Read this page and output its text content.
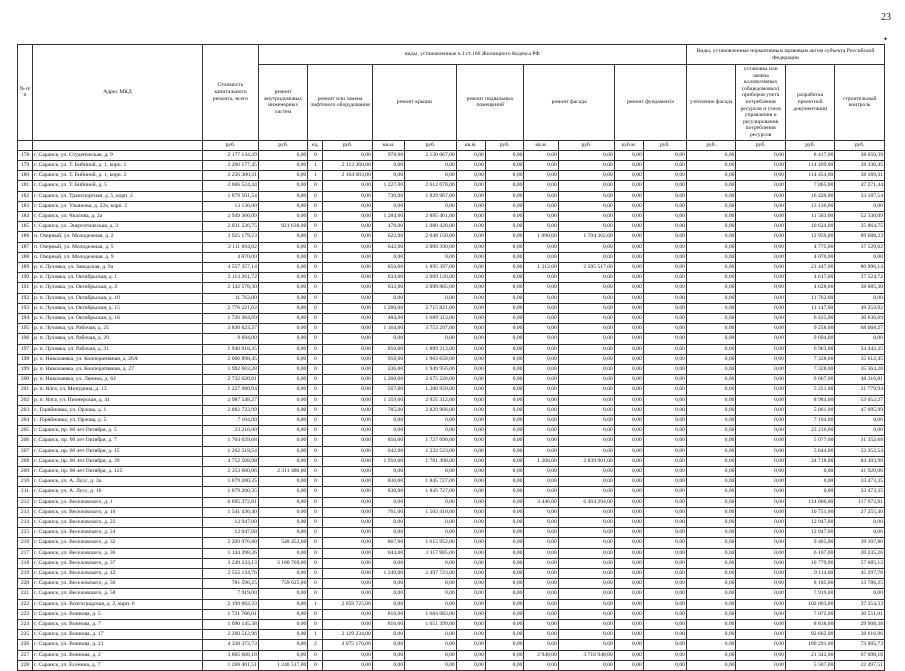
23
•
№ п/п	Адрес МКД	Стоимость капитального ремонта, всего	виды, установленные ч.1 ст.166 Жилищного Кодекса РФ											Виды, установленные нормативным правовым актом субъекта Российской Федерации			
			ремонт внутридомовых инженерных систем	ремонт или замена лифтового оборудования		ремонт крыши		ремонт подвальных помещений		ремонт фасада		ремонт фундамента		утепление фасада	установка или замена коллективных (общедомовых) приборов учета потребления ресурсов и узлов управления и регулирования потребления ресурсов	разработка проектной документации	строительный контроль
		руб.	руб.	ед.	руб.	кв.м.	руб.	кв.м.	руб.	кв.м.	руб.	куб.м.	руб.	руб.	руб.	руб.	руб.
178	г. Саранск, ул. Студенческая, д. 9	2 177 134,39	0,00	0	0,00	978,00	2 130 067,00	0,00	0,00	0,00	0,00	0,00	0,00	0,00	0,00	8 417,00	38 650,39
179	г. Саранск, ул. Т. Бибиной, д. 1, корп. 1	2 266 177,45	0,00	1	2 113 368,00	0,00	0,00	0,00	0,00	0,00	0,00	0,00	0,00	0,00	0,00	114 499,00	38 330,45
180	г. Саранск, ул. Т. Бибиной, д. 1, корп. 2	2 256 300,31	0,00	1	2 104 603,00	0,00	0,00	0,00	0,00	0,00	0,00	0,00	0,00	0,00	0,00	114 454,00	38 169,31
181	г. Саранск, ул. Т. Бибиной, д. 5	2 666 524,44	0,00	0	0,00	1 227,00	2 612 078,00	0,00	0,00	0,00	0,00	0,00	0,00	0,00	0,00	7 065,00	47 271,44
182	г. Саранск, ул. Транспортная, д. 5, корп. 2	1 879 501,54	0,00	0	0,00	730,00	1 829 967,00	0,00	0,00	0,00	0,00	0,00	0,00	0,00	0,00	16 420,00	33 187,54
183	г. Саранск, ул. Ульянова, д. 22а, корп. 2	13 136,00	0,00	0	0,00	0,00	0,00	0,00	0,00	0,00	0,00	0,00	0,00	0,00	0,00	13 136,00	0,00
184	г. Саранск, ул. Чкалова, д. 2а	2 949 366,09	0,00	0	0,00	1 284,00	2 885 461,00	0,00	0,00	0,00	0,00	0,00	0,00	0,00	0,00	11 563,00	52 330,09
185	г. Саранск, ул. Энергетическая, д. 3	2 031 226,75	921 638,00	0	0,00	478,00	1 080 428,00	0,00	0,00	0,00	0,00	0,00	0,00	0,00	0,00	10 624,00	35 864,75
186	п. Озерный, ул. Молодежная, д. 2	3 925 179,23	0,00	0	0,00	622,00	2 048 150,00	0,00	0,00	1 090,00	1 794 362,00	0,00	0,00	0,00	0,00	12 959,00	69 688,23
187	п. Озерный, ул. Молодежная, д. 5	2 111 694,62	0,00	0	0,00	642,00	2 069 390,00	0,00	0,00	0,00	0,00	0,00	0,00	0,00	0,00	4 775,00	37 529,62
188	п. Озерный, ул. Молодежная, д. 9	4 070,00	0,00	0	0,00	0,00	0,00	0,00	0,00	0,00	0,00	0,00	0,00	0,00	0,00	4 070,00	0,00
189	р. п. Луховка, ул. Заводская, д. 9а	4 557 357,14	0,00	0	0,00	856,00	1 895 397,00	0,00	0,00	1 212,00	2 595 517,00	0,00	0,00	0,00	0,00	21 447,00	80 996,14
190	р. п. Луховка, ул. Октябрьская, д. 1	2 113 261,72	0,00	0	0,00	634,00	2 069 120,00	0,00	0,00	0,00	0,00	0,00	0,00	0,00	0,00	4 617,00	37 524,72
191	р. п. Луховка, ул. Октябрьская, д. 2	2 142 578,30	0,00	0	0,00	632,00	2 099 865,00	0,00	0,00	0,00	0,00	0,00	0,00	0,00	0,00	4 628,00	38 085,30
192	р. п. Луховка, ул. Октябрьская, д. 10	11 762,00	0,00	0	0,00	0,00	0,00	0,00	0,00	0,00	0,00	0,00	0,00	0,00	0,00	11 762,00	0,00
193	р. п. Луховка, ул. Октябрьская, д. 15	2 776 221,02	0,00	0	0,00	1 280,00	2 715 821,00	0,00	0,00	0,00	0,00	0,00	0,00	0,00	0,00	11 147,00	49 253,02
194	р. п. Луховка, ул. Октябрьская, д. 16	1 726 384,69	0,00	0	0,00	484,00	1 689 313,00	0,00	0,00	0,00	0,00	0,00	0,00	0,00	0,00	6 435,00	30 636,69
195	р. п. Луховка, ул. Рабочая, д. 25	3 830 623,27	0,00	0	0,00	1 164,00	3 753 297,00	0,00	0,00	0,00	0,00	0,00	0,00	0,00	0,00	9 258,00	68 068,27
196	р. п. Луховка, ул. Рабочая, д. 29	9 694,00	0,00	0	0,00	0,00	0,00	0,00	0,00	0,00	0,00	0,00	0,00	0,00	0,00	9 694,00	0,00
197	р. п. Луховка, ул. Рабочая, д. 31	1 940 018,35	0,00	0	0,00	856,00	1 889 213,00	0,00	0,00	0,00	0,00	0,00	0,00	0,00	0,00	6 963,00	34 442,35
198	р. п. Николаевка, ул. Кооперативная, д. 26А	2 006 898,45	0,00	0	0,00	956,00	1 963 658,00	0,00	0,00	0,00	0,00	0,00	0,00	0,00	0,00	7 328,00	35 612,45
199	р. п. Николаевка, ул. Кооперативная, д. 27	1 992 603,28	0,00	0	0,00	236,00	1 949 956,00	0,00	0,00	0,00	0,00	0,00	0,00	0,00	0,00	7 328,00	35 364,28
200	р. п. Николаевка, ул. Ленина, д. 64	2 732 620,81	0,00	0	0,00	1 260,00	2 675 226,00	0,00	0,00	0,00	0,00	0,00	0,00	0,00	0,00	9 067,00	48 316,81
201	р. п. Ялга, ул. Мичурина, д. 13	1 227 980,94	0,00	0	0,00	567,00	1 200 950,00	0,00	0,00	0,00	0,00	0,00	0,00	0,00	0,00	5 251,00	21 779,94
202	р. п. Ялга, ул. Пионерская, д. 41	2 987 548,27	0,00	0	0,00	1 359,00	2 925 312,00	0,00	0,00	0,00	0,00	0,00	0,00	0,00	0,00	8 984,00	53 052,27
203	с. Горяйновка, ул. Орлова, д. 1	2 882 723,99	0,00	0	0,00	785,00	2 829 966,00	0,00	0,00	0,00	0,00	0,00	0,00	0,00	0,00	5 061,00	47 695,99
204	с. Горяйновка, ул. Орлова, д. 5	7 104,00	0,00	0	0,00	0,00	0,00	0,00	0,00	0,00	0,00	0,00	0,00	0,00	0,00	7 104,00	0,00
205	г. Саранск, пр. 60 лет Октября, д. 5	23 216,00	0,00	0	0,00	0,00	0,00	0,00	0,00	0,00	0,00	0,00	0,00	0,00	0,00	23 216,00	0,00
206	г. Саранск, пр. 60 лет Октября, д. 7	1 764 039,68	0,00	0	0,00	856,00	1 727 690,00	0,00	0,00	0,00	0,00	0,00	0,00	0,00	0,00	5 077,00	31 352,68
207	г. Саранск, пр. 60 лет Октября, д. 15	1 262 519,54	0,00	0	0,00	642,00	1 232 523,00	0,00	0,00	0,00	0,00	0,00	0,00	0,00	0,00	5 644,00	22 352,54
208	г. Саранск, пр. 60 лет Октября, д. 39	4 752 508,98	0,00	0	0,00	1 950,00	1 781 498,00	0,00	0,00	1 266,00	2 839 901,00	0,00	0,00	0,00	0,00	24 718,00	84 303,98
209	г. Саранск, пр. 60 лет Октября, д. 125	2 353 600,06	2 311 480,00	0	0,00	0,00	0,00	0,00	0,00	0,00	0,00	0,00	0,00	0,00	0,00	0,00	41 920,06
210	г. Саранск, ул. А. Лусс, д. 3а	1 879 200,35	0,00	0	0,00	830,00	1 845 727,00	0,00	0,00	0,00	0,00	0,00	0,00	0,00	0,00	0,00	33 473,35
211	г. Саранск, ул. А. Лусс, д. 16	1 879 200,35	0,00	0	0,00	830,00	1 845 727,00	0,00	0,00	0,00	0,00	0,00	0,00	0,00	0,00	0,00	33 473,35
212	г. Саранск, ул. Веселовского, д. 1	6 695 372,81	0,00	0	0,00	0,00	0,00	0,00	0,00	3 446,00	6 464 294,00	0,00	0,00	0,00	0,00	114 006,00	117 072,81
213	г. Саранск, ул. Веселовского, д. 16	1 541 436,40	0,00	0	0,00	761,00	1 503 410,00	0,00	0,00	0,00	0,00	0,00	0,00	0,00	0,00	10 751,00	27 255,40
214	г. Саранск, ул. Веселовского, д. 22	12 947,00	0,00	0	0,00	0,00	0,00	0,00	0,00	0,00	0,00	0,00	0,00	0,00	0,00	12 947,00	0,00
215	г. Саранск, ул. Веселовского, д. 24	12 947,00	0,00	0	0,00	0,00	0,00	0,00	0,00	0,00	0,00	0,00	0,00	0,00	0,00	12 947,00	0,00
216	г. Саранск, ул. Веселовского, д. 32	2 209 976,80	548 452,00	0	0,00	867,00	1 615 952,00	0,00	0,00	0,00	0,00	0,00	0,00	0,00	0,00	9 405,00	39 167,80
217	г. Саранск, ул. Веселовского, д. 36	1 144 398,26	0,00	0	0,00	644,00	1 117 985,00	0,00	0,00	0,00	0,00	0,00	0,00	0,00	0,00	6 107,00	20 235,26
218	г. Саранск, ул. Веселовского, д. 37	3 249 233,13	3 180 769,00	0	0,00	0,00	0,00	0,00	0,00	0,00	0,00	0,00	0,00	0,00	0,00	10 779,00	57 685,13
219	г. Саранск, ул. Веселовского, д. 42	2 552 134,76	0,00	0	0,00	1 249,00	2 497 723,00	0,00	0,00	0,00	0,00	0,00	0,00	0,00	0,00	9 114,00	45 297,76
220	г. Саранск, ул. Веселовского, д. 50	781 596,25	759 625,00	0	0,00	0,00	0,00	0,00	0,00	0,00	0,00	0,00	0,00	0,00	0,00	8 185,00	13 786,25
221	г. Саранск, ул. Веселовского, д. 58	7 919,00	0,00	0	0,00	0,00	0,00	0,00	0,00	0,00	0,00	0,00	0,00	0,00	0,00	7 919,00	0,00
222	г. Саранск, ул. Волгоградская, д. 2, корп. 6	2 199 082,33	0,00	1	2 059 725,00	0,00	0,00	0,00	0,00	0,00	0,00	0,00	0,00	0,00	0,00	102 003,00	37 354,33
223	г. Саранск, ул. Воинова, д. 5	1 721 706,01	0,00	0	0,00	816,00	1 684 083,00	0,00	0,00	0,00	0,00	0,00	0,00	0,00	0,00	7 072,00	30 551,01
224	г. Саранск, ул. Воинова, д. 7	1 690 145,38	0,00	0	0,00	816,00	1 651 399,00	0,00	0,00	0,00	0,00	0,00	0,00	0,00	0,00	8 838,00	29 908,38
225	г. Саранск, ул. Воинова, д. 17	2 260 512,96	0,00	1	2 129 234,00	0,00	0,00	0,00	0,00	0,00	0,00	0,00	0,00	0,00	0,00	92 662,00	38 616,96
226	г. Саранск, ул. Воинова, д. 21	4 338 372,73	0,00	2	4 075 176,00	0,00	0,00	0,00	0,00	0,00	0,00	0,00	0,00	0,00	0,00	189 291,00	73 905,73
227	г. Саранск, ул. Воинова, д. 2	3 805 608,18	0,00	0	0,00	0,00	0,00	0,00	0,00	2 948,00	3 716 948,00	0,00	0,00	0,00	0,00	21 342,00	67 098,18
228	г. Саранск, ул. Есенина, д. 7	1 268 401,51	1 240 517,00	0	0,00	0,00	0,00	0,00	0,00	0,00	0,00	0,00	0,00	0,00	0,00	5 587,00	22 497,51
